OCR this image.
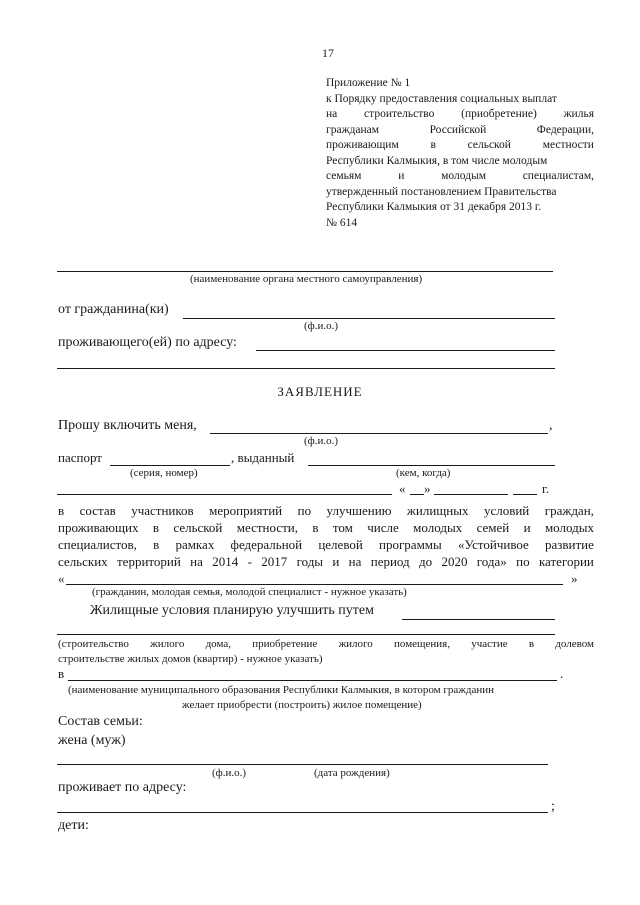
17
Приложение № 1
к Порядку предоставления социальных выплат
на строительство (приобретение) жилья
гражданам	Российской	Федерации,
проживающим	в	сельской	местности
Республики Калмыкия, в том числе молодым
семьям	и	молодым	специалистам,
утвержденный постановлением Правительства
Республики Калмыкия от 31 декабря 2013 г.
№ 614
(наименование органа местного самоуправления)
от гражданина(ки)
(ф.и.о.)
проживающего(ей) по адресу:
ЗАЯВЛЕНИЕ
Прошу включить меня,	,
(ф.и.о.)
паспорт	, выданный
(серия, номер)	(кем, когда)
« »	г.
в состав участников мероприятий по улучшению жилищных условий граждан,
проживающих в сельской местности, в том числе молодых семей и молодых
специалистов, в рамках федеральной целевой программы «Устойчивое развитие
сельских территорий на 2014 - 2017 годы и на период до 2020 года» по категории
«	»
(гражданин, молодая семья, молодой специалист - нужное указать)
Жилищные условия планирую улучшить путем
(строительство жилого дома, приобретение жилого помещения, участие в долевом
строительстве жилых домов (квартир) - нужное указать)
в	.
(наименование муниципального образования Республики Калмыкия, в котором гражданин
желает приобрести (построить) жилое помещение)
Состав семьи:
жена (муж)
(ф.и.о.)	(дата рождения)
проживает по адресу:
;
дети:
